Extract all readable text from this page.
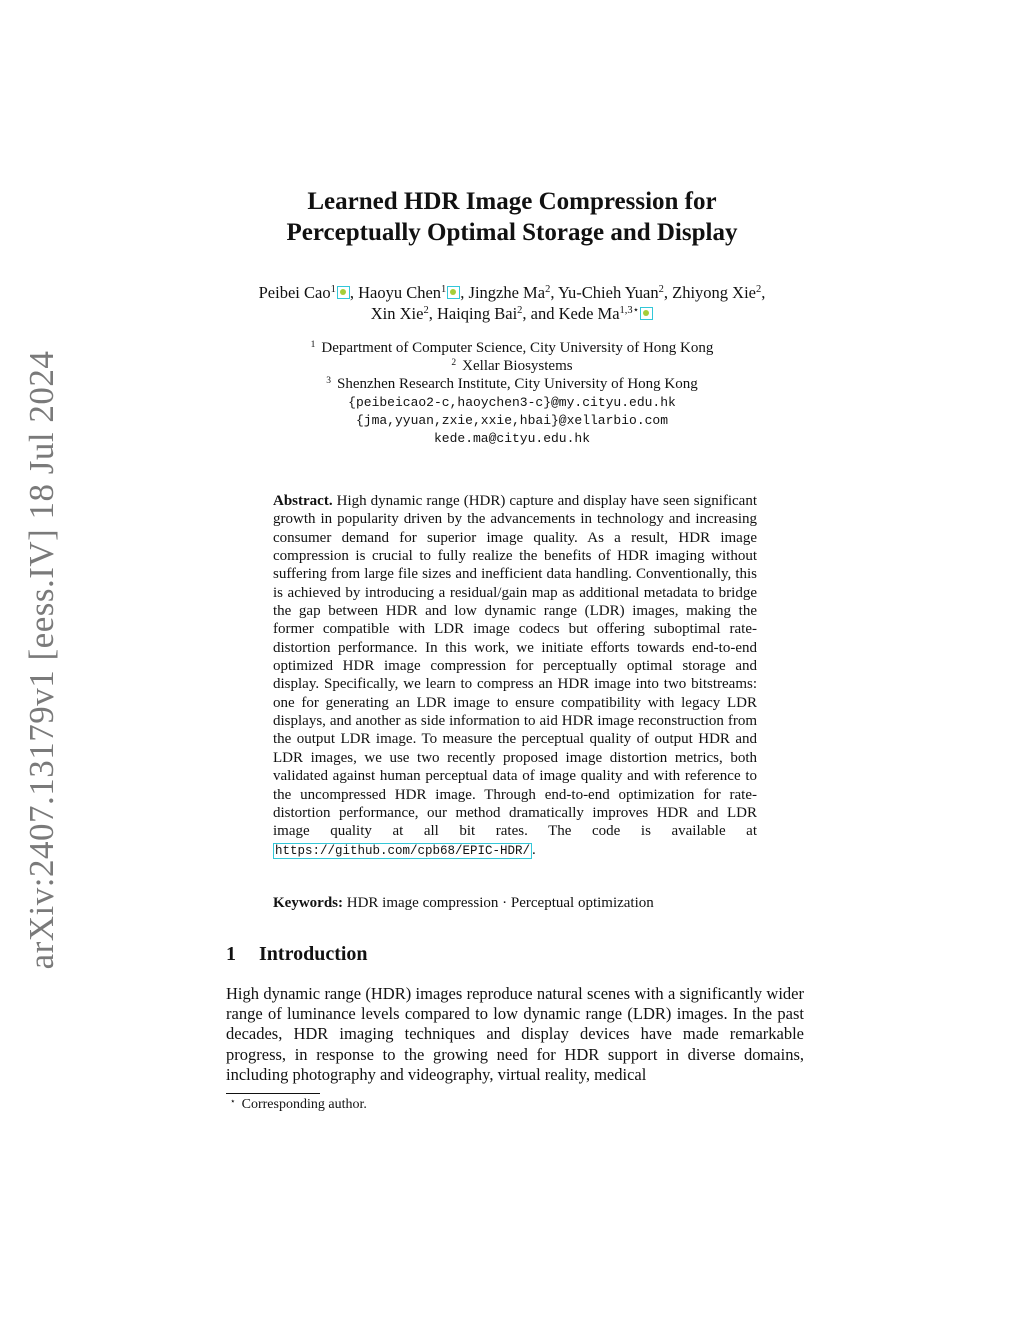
arXiv:2407.13179v1 [eess.IV] 18 Jul 2024
Learned HDR Image Compression for
Perceptually Optimal Storage and Display
Peibei Cao$^1$ , Haoyu Chen$^1$ , Jingzhe Ma$^2$, Yu-Chieh Yuan$^2$, Zhiyong Xie$^2$,
Xin Xie$^2$, Haiqing Bai$^2$, and Kede $Ma^{1,3⋆}$
$^1$ Department of Computer Science, City University of Hong Kong
$^2$ Xellar Biosystems
$^3$ Shenzhen Research Institute, City University of Hong Kong
{peibeicao2-c,haoychen3-c}@my.cityu.edu.hk
{jma,yyuan,zxie,xxie,hbai}@xellarbio.com
kede.ma@cityu.edu.hk
Abstract. High dynamic range (HDR) capture and display have seen significant growth in popularity driven by the advancements in technology and increasing consumer demand for superior image quality. As a result, HDR image compression is crucial to fully realize the benefits of HDR imaging without suffering from large file sizes and inefficient data handling. Conventionally, this is achieved by introducing a residual/gain map as additional metadata to bridge the gap between HDR and low dynamic range (LDR) images, making the former compatible with LDR image codecs but offering suboptimal rate-distortion performance. In this work, we initiate efforts towards end-to-end optimized HDR image compression for perceptually optimal storage and display. Specifically, we learn to compress an HDR image into two bitstreams: one for generating an LDR image to ensure compatibility with legacy LDR displays, and another as side information to aid HDR image reconstruction from the output LDR image. To measure the perceptual quality of output HDR and LDR images, we use two recently proposed image distortion metrics, both validated against human perceptual data of image quality and with reference to the uncompressed HDR image. Through end-to-end optimization for rate-distortion performance, our method dramatically improves HDR and LDR image quality at all bit rates. The code is available at https://github.com/cpb68/EPIC-HDR/ .
Keywords: HDR image compression · Perceptual optimization
1 Introduction
High dynamic range (HDR) images reproduce natural scenes with a significantly wider range of luminance levels compared to low dynamic range (LDR) images. In the past decades, HDR imaging techniques and display devices have made remarkable progress, in response to the growing need for HDR support in diverse domains, including photography and videography, virtual reality, medical
⋆ Corresponding author.
